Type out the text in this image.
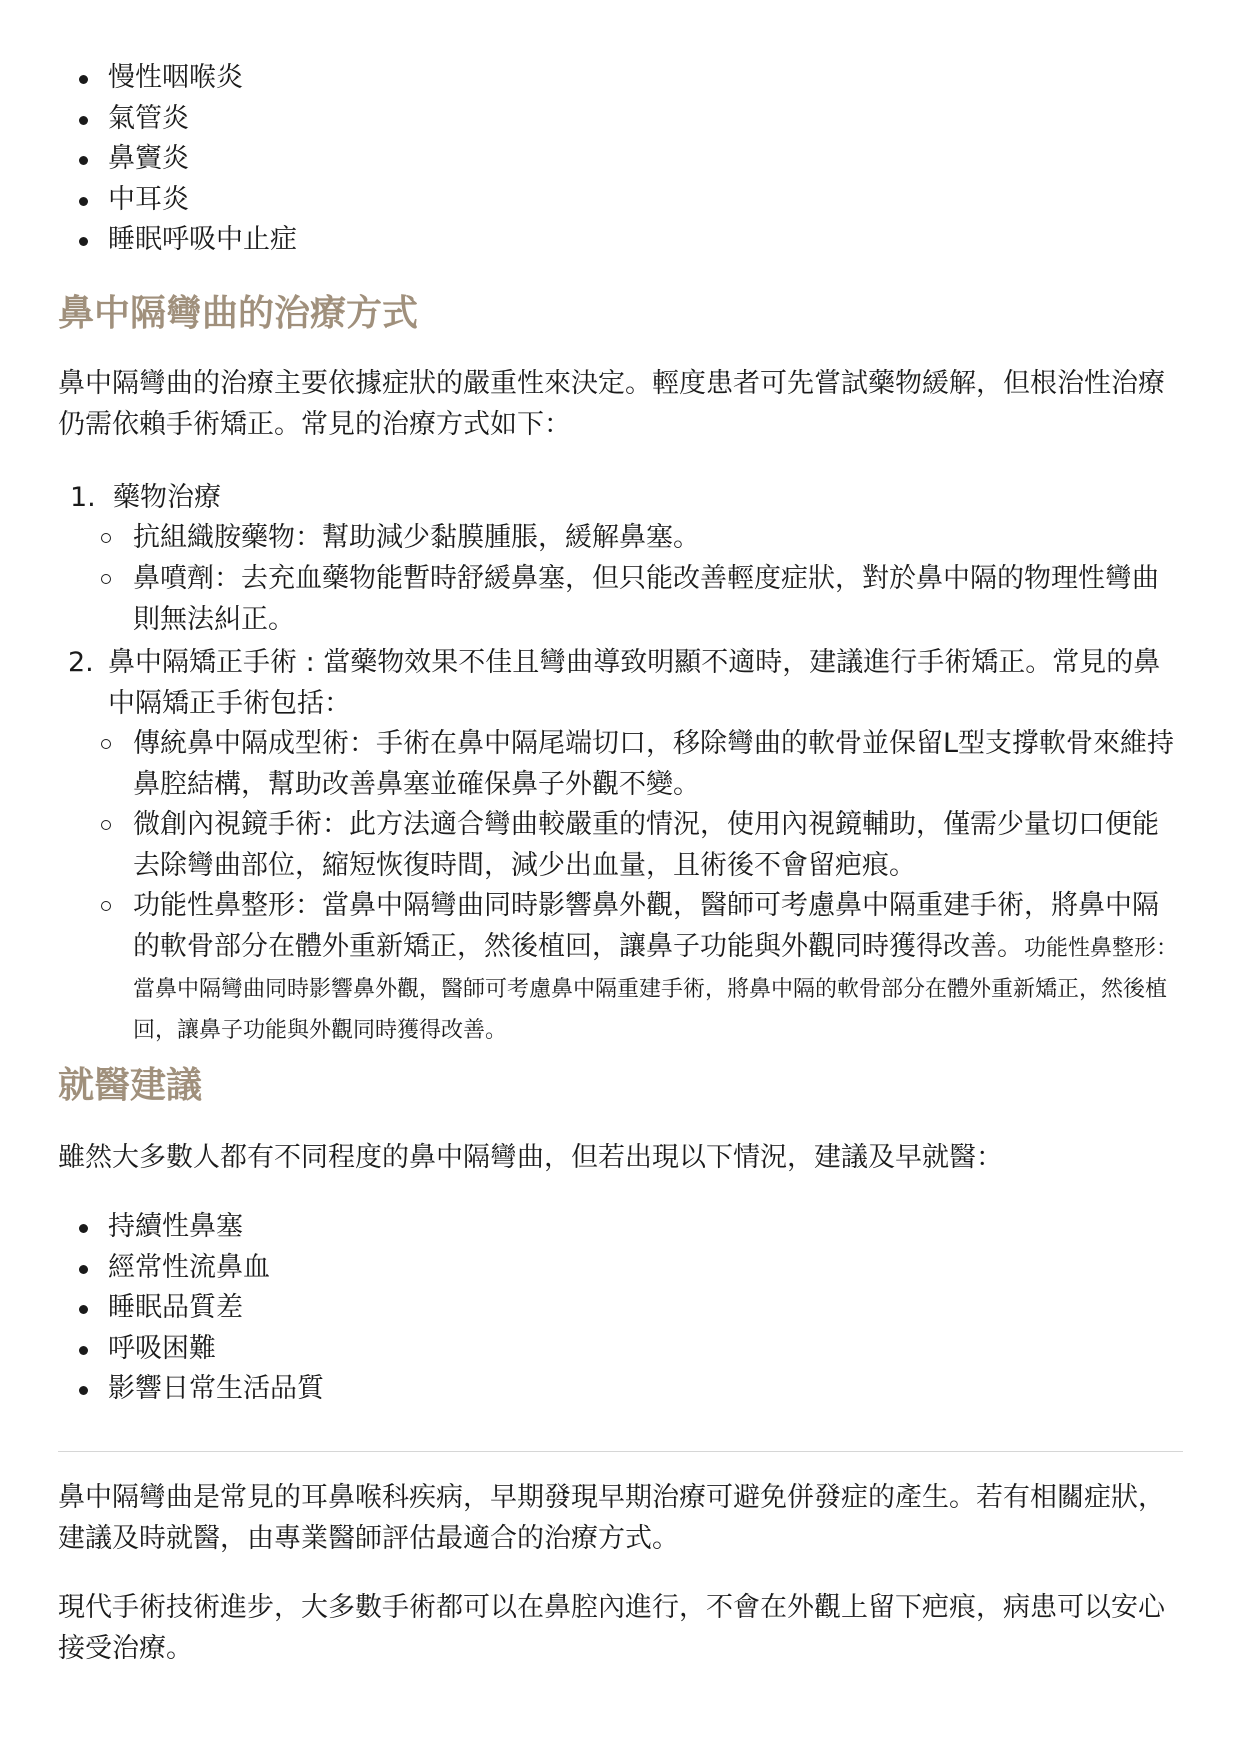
慢性咽喉炎
氣管炎
鼻竇炎
中耳炎
睡眠呼吸中止症
鼻中隔彎曲的治療方式

鼻中隔彎曲的治療主要依據症狀的嚴重性來決定。輕度患者可先嘗試藥物緩解，但根治性治療仍需依賴手術矯正。常見的治療方式如下：

1. 藥物治療
抗組織胺藥物：幫助減少黏膜腫脹，緩解鼻塞。
鼻噴劑：去充血藥物能暫時舒緩鼻塞，但只能改善輕度症狀，對於鼻中隔的物理性彎曲則無法糾正。
2. 鼻中隔矯正手術 : 當藥物效果不佳且彎曲導致明顯不適時，建議進行手術矯正。常見的鼻中隔矯正手術包括：
傳統鼻中隔成型術：手術在鼻中隔尾端切口，移除彎曲的軟骨並保留L型支撐軟骨來維持鼻腔結構，幫助改善鼻塞並確保鼻子外觀不變。
微創內視鏡手術：此方法適合彎曲較嚴重的情況，使用內視鏡輔助，僅需少量切口便能去除彎曲部位，縮短恢復時間，減少出血量，且術後不會留疤痕。
功能性鼻整形：當鼻中隔彎曲同時影響鼻外觀，醫師可考慮鼻中隔重建手術，將鼻中隔的軟骨部分在體外重新矯正，然後植回，讓鼻子功能與外觀同時獲得改善。功能性鼻整形：當鼻中隔彎曲同時影響鼻外觀，醫師可考慮鼻中隔重建手術，將鼻中隔的軟骨部分在體外重新矯正，然後植回，讓鼻子功能與外觀同時獲得改善。
就醫建議

雖然大多數人都有不同程度的鼻中隔彎曲，但若出現以下情況，建議及早就醫：

持續性鼻塞
經常性流鼻血
睡眠品質差
呼吸困難
影響日常生活品質

鼻中隔彎曲是常見的耳鼻喉科疾病，早期發現早期治療可避免併發症的產生。若有相關症狀，建議及時就醫，由專業醫師評估最適合的治療方式。

現代手術技術進步，大多數手術都可以在鼻腔內進行，不會在外觀上留下疤痕，病患可以安心接受治療。
